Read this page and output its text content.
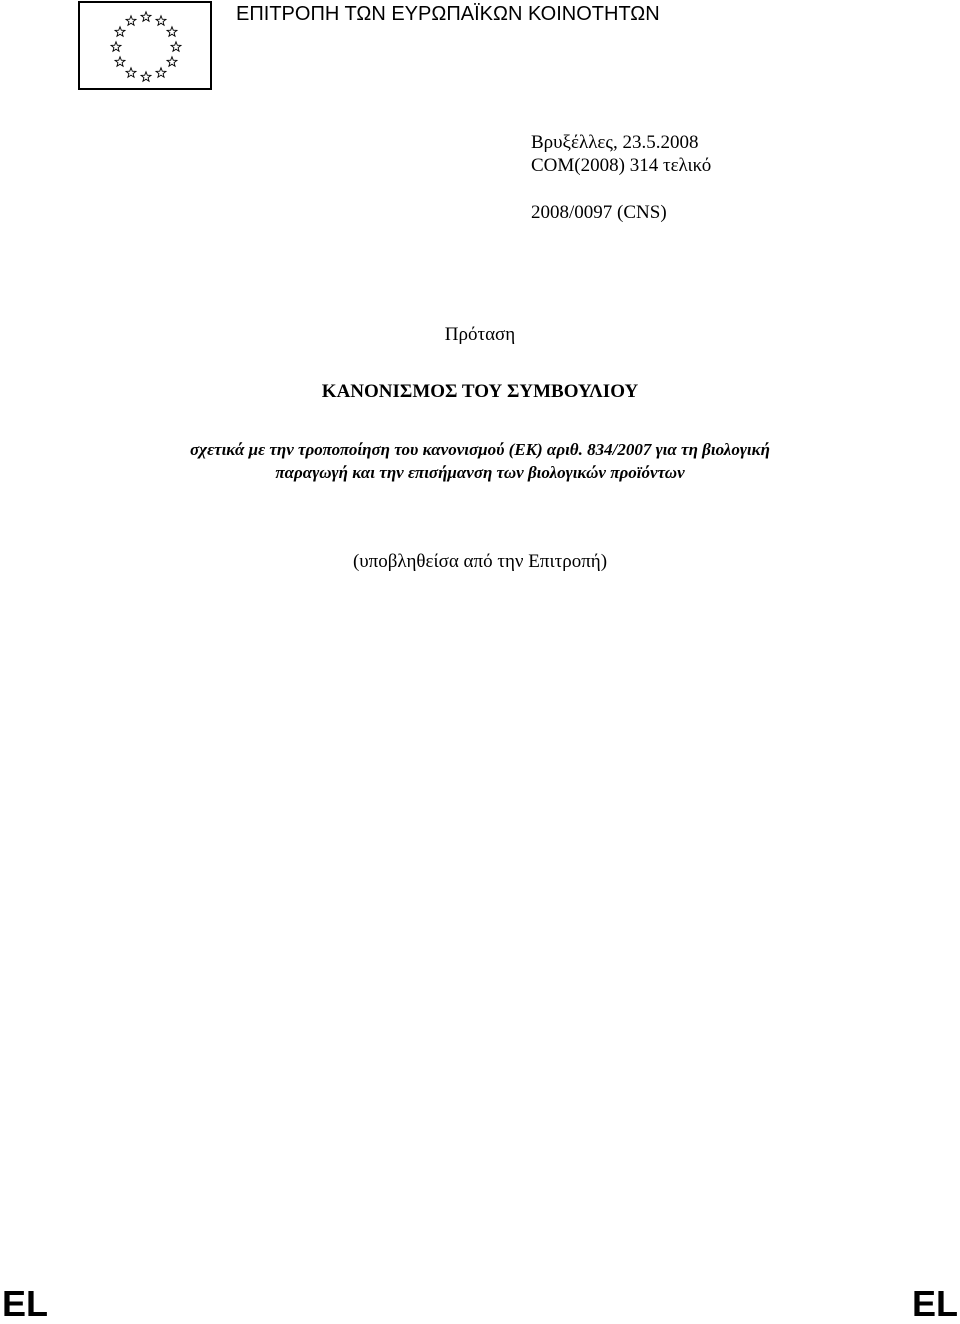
ΕΠΙΤΡΟΠΗ ΤΩΝ ΕΥΡΩΠΑΪΚΩΝ ΚΟΙΝΟΤΗΤΩΝ
Βρυξέλλες, 23.5.2008
COM(2008) 314 τελικό
2008/0097 (CNS)
Πρόταση
ΚΑΝΟΝΙΣΜΟΣ ΤΟΥ ΣΥΜΒΟΥΛΙΟΥ
σχετικά με την τροποποίηση του κανονισμού (ΕΚ) αριθ. 834/2007 για τη βιολογική
παραγωγή και την επισήμανση των βιολογικών προϊόντων
(υποβληθείσα από την Επιτροπή)
EL	EL
